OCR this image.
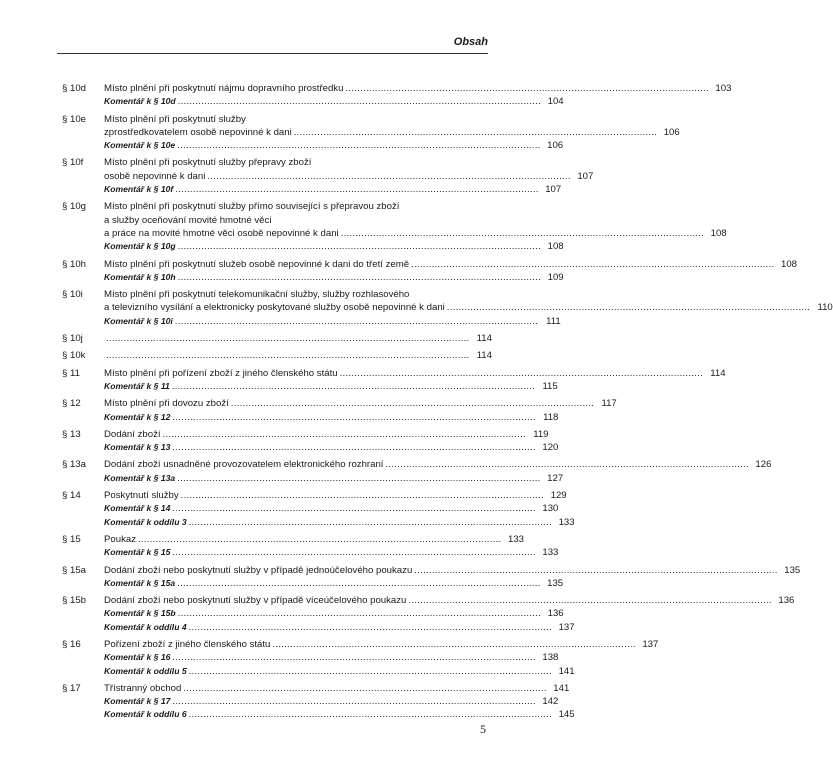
Obsah
§ 10d	Místo plnění při poskytnutí nájmu dopravního prostředku . . .	103
Komentář k § 10d . . .	104
§ 10e	Místo plnění při poskytnutí služby
zprostředkovatelem osobě nepovinné k dani . . .	106
Komentář k § 10e . . .	106
§ 10f	Místo plnění při poskytnutí služby přepravy zboží
osobě nepovinné k dani . . .	107
Komentář k § 10f . . .	107
§ 10g	Místo plnění při poskytnutí služby přímo související s přepravou zboží
a služby oceňování movité hmotné věci
a práce na movité hmotné věci osobě nepovinné k dani . . .	108
Komentář k § 10g . . .	108
§ 10h	Místo plnění při poskytnutí služeb osobě nepovinné k dani do třetí země . . .	108
Komentář k § 10h . . .	109
§ 10i	Místo plnění při poskytnutí telekomunikační služby, služby rozhlasového
a televizního vysílání a elektronicky poskytované služby osobě nepovinné k dani . . .	110
Komentář k § 10i . . .	111
§ 10j . . .	114
§ 10k . . .	114
§ 11	Místo plnění při pořízení zboží z jiného členského státu . . .	114
Komentář k § 11 . . .	115
§ 12	Místo plnění při dovozu zboží . . .	117
Komentář k § 12 . . .	118
§ 13	Dodání zboží . . .	119
Komentář k § 13 . . .	120
§ 13a	Dodání zboží usnadněné provozovatelem elektronického rozhraní . . .	126
Komentář k § 13a . . .	127
§ 14	Poskytnutí služby . . .	129
Komentář k § 14 . . .	130
Komentář k oddílu 3 . . .	133
§ 15	Poukaz . . .	133
Komentář k § 15 . . .	133
§ 15a	Dodání zboží nebo poskytnutí služby v případě jednoúčelového poukazu . . .	135
Komentář k § 15a . . .	135
§ 15b	Dodání zboží nebo poskytnutí služby v případě víceúčelového poukazu . . .	136
Komentář k § 15b . . .	136
Komentář k oddílu 4 . . .	137
§ 16	Pořízení zboží z jiného členského státu . . .	137
Komentář k § 16 . . .	138
Komentář k oddílu 5 . . .	141
§ 17	Třístranný obchod . . .	141
Komentář k § 17 . . .	142
Komentář k oddílu 6 . . .	145
5
